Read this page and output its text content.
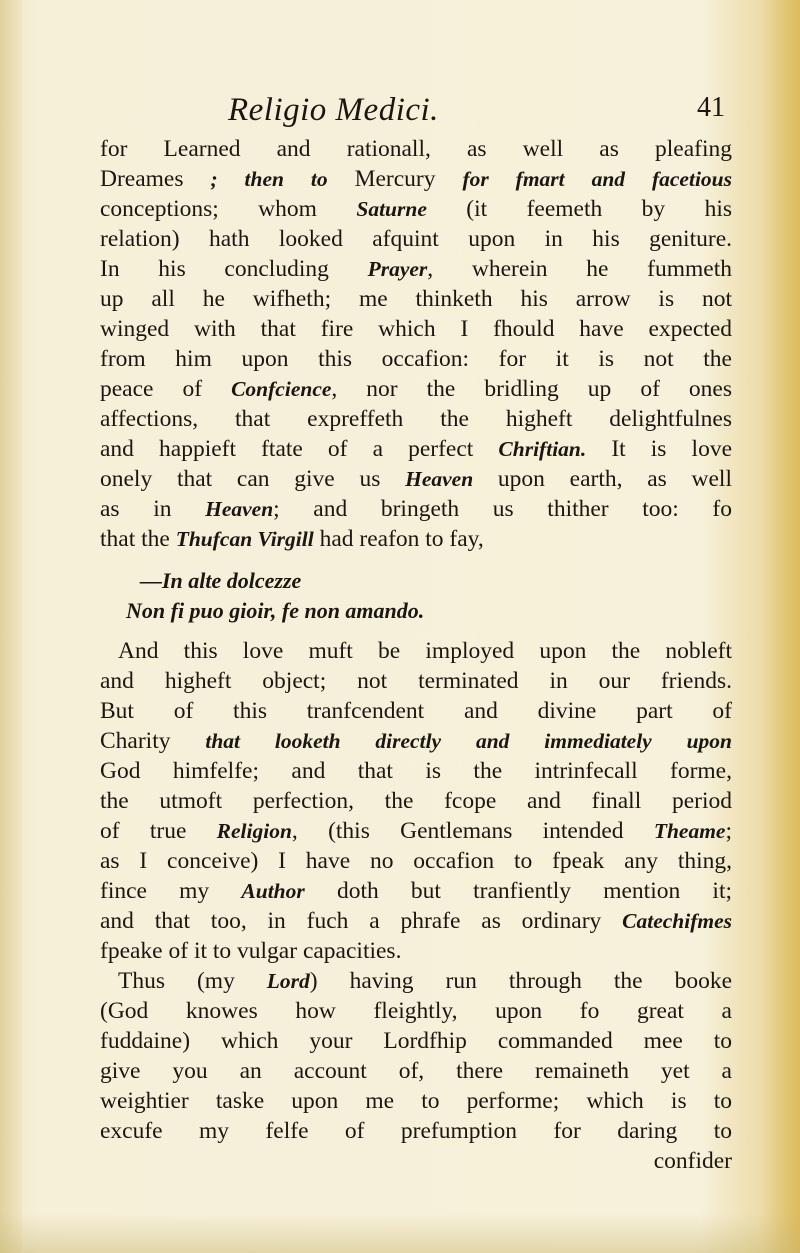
Religio Medici.	41
for Learned and rationall, as well as pleafing
Dreames ; then to Mercury for fmart and facetious
conceptions; whom Saturne (it feemeth by his
relation) hath looked afquint upon in his geniture.
In his concluding Prayer, wherein he fummeth
up all he wifheth; me thinketh his arrow is not
winged with that fire which I fhould have expected
from him upon this occafion: for it is not the
peace of Confcience, nor the bridling up of ones
affections, that expreffeth the higheft delightfulnes
and happieft ftate of a perfect Chriftian. It is love
onely that can give us Heaven upon earth, as well
as in Heaven; and bringeth us thither too: fo
that the Thufcan Virgill had reafon to fay,
—In alte dolcezze
Non fi puo gioir, fe non amando.
And this love muft be imployed upon the nobleft
and higheft object; not terminated in our friends.
But of this tranfcendent and divine part of
Charity that looketh directly and immediately upon
God himfelfe; and that is the intrinfecall forme,
the utmoft perfection, the fcope and finall period
of true Religion, (this Gentlemans intended Theame;
as I conceive) I have no occafion to fpeak any thing,
fince my Author doth but tranfiently mention it;
and that too, in fuch a phrafe as ordinary Catechifmes
fpeake of it to vulgar capacities.
Thus (my Lord) having run through the booke
(God knowes how fleightly, upon fo great a
fuddaine) which your Lordfhip commanded mee to
give you an account of, there remaineth yet a
weightier taske upon me to performe; which is to
excufe my felfe of prefumption for daring to
confider
